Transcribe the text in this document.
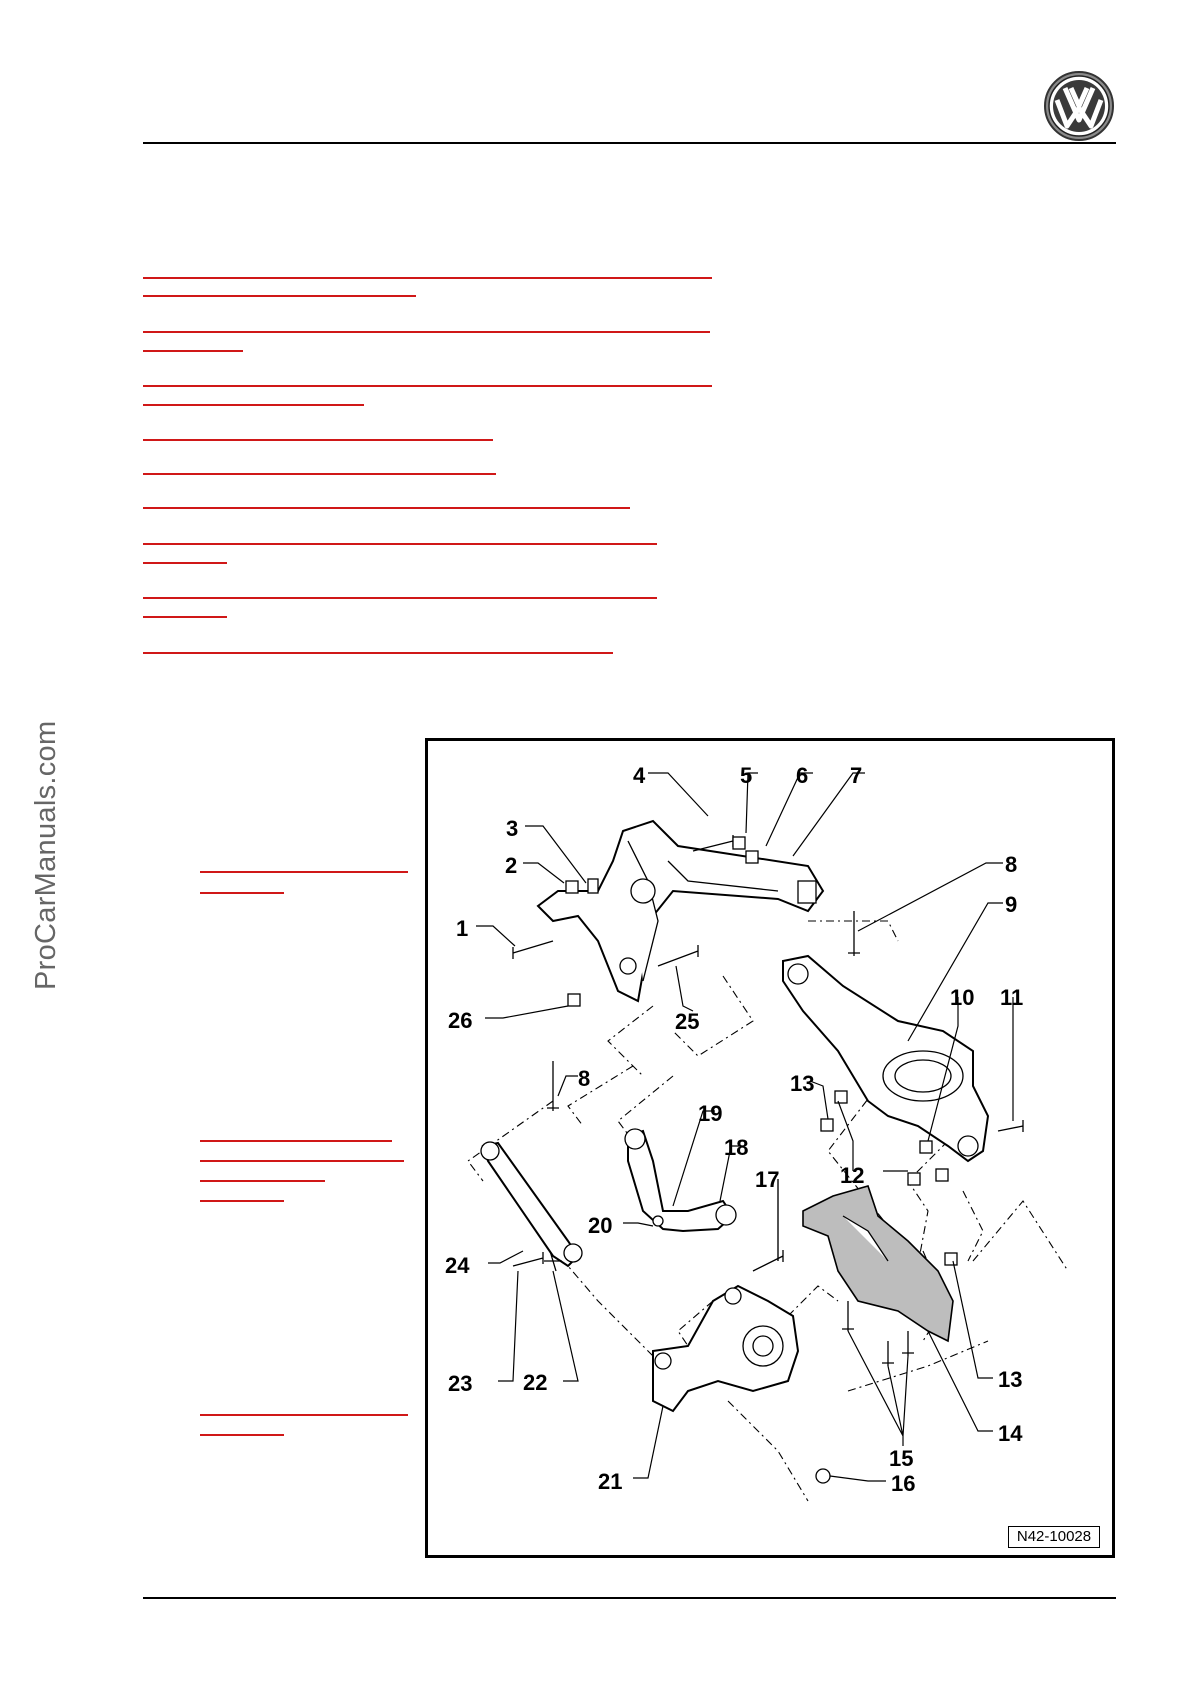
ProCarManuals.com	4	5 6 7
3
2	8
9
1
26	25
10 11
8	13
19
18
12
17
20
24
23 22	13
14
15
21	16
N42-10028
